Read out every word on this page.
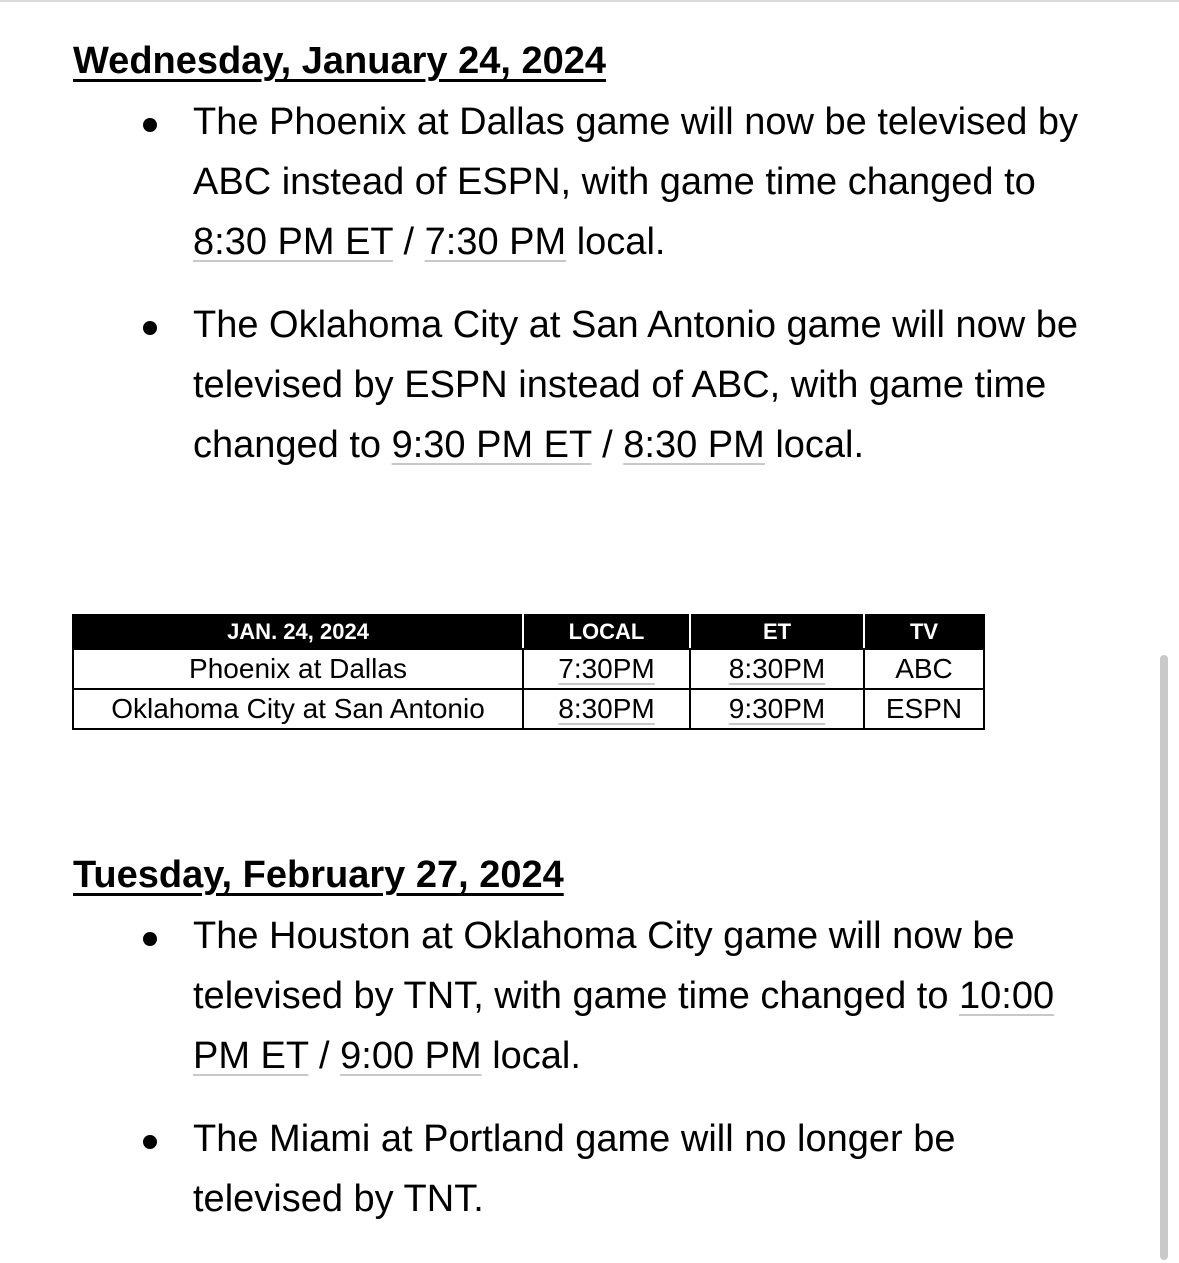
Wednesday, January 24, 2024
The Phoenix at Dallas game will now be televised by ABC instead of ESPN, with game time changed to 8:30 PM ET / 7:30 PM local.
The Oklahoma City at San Antonio game will now be televised by ESPN instead of ABC, with game time changed to 9:30 PM ET / 8:30 PM local.
JAN. 24, 2024	LOCAL	ET	TV
Phoenix at Dallas	7:30PM	8:30PM	ABC
Oklahoma City at San Antonio	8:30PM	9:30PM	ESPN
Tuesday, February 27, 2024
The Houston at Oklahoma City game will now be televised by TNT, with game time changed to 10:00 PM ET / 9:00 PM local.
The Miami at Portland game will no longer be televised by TNT.
